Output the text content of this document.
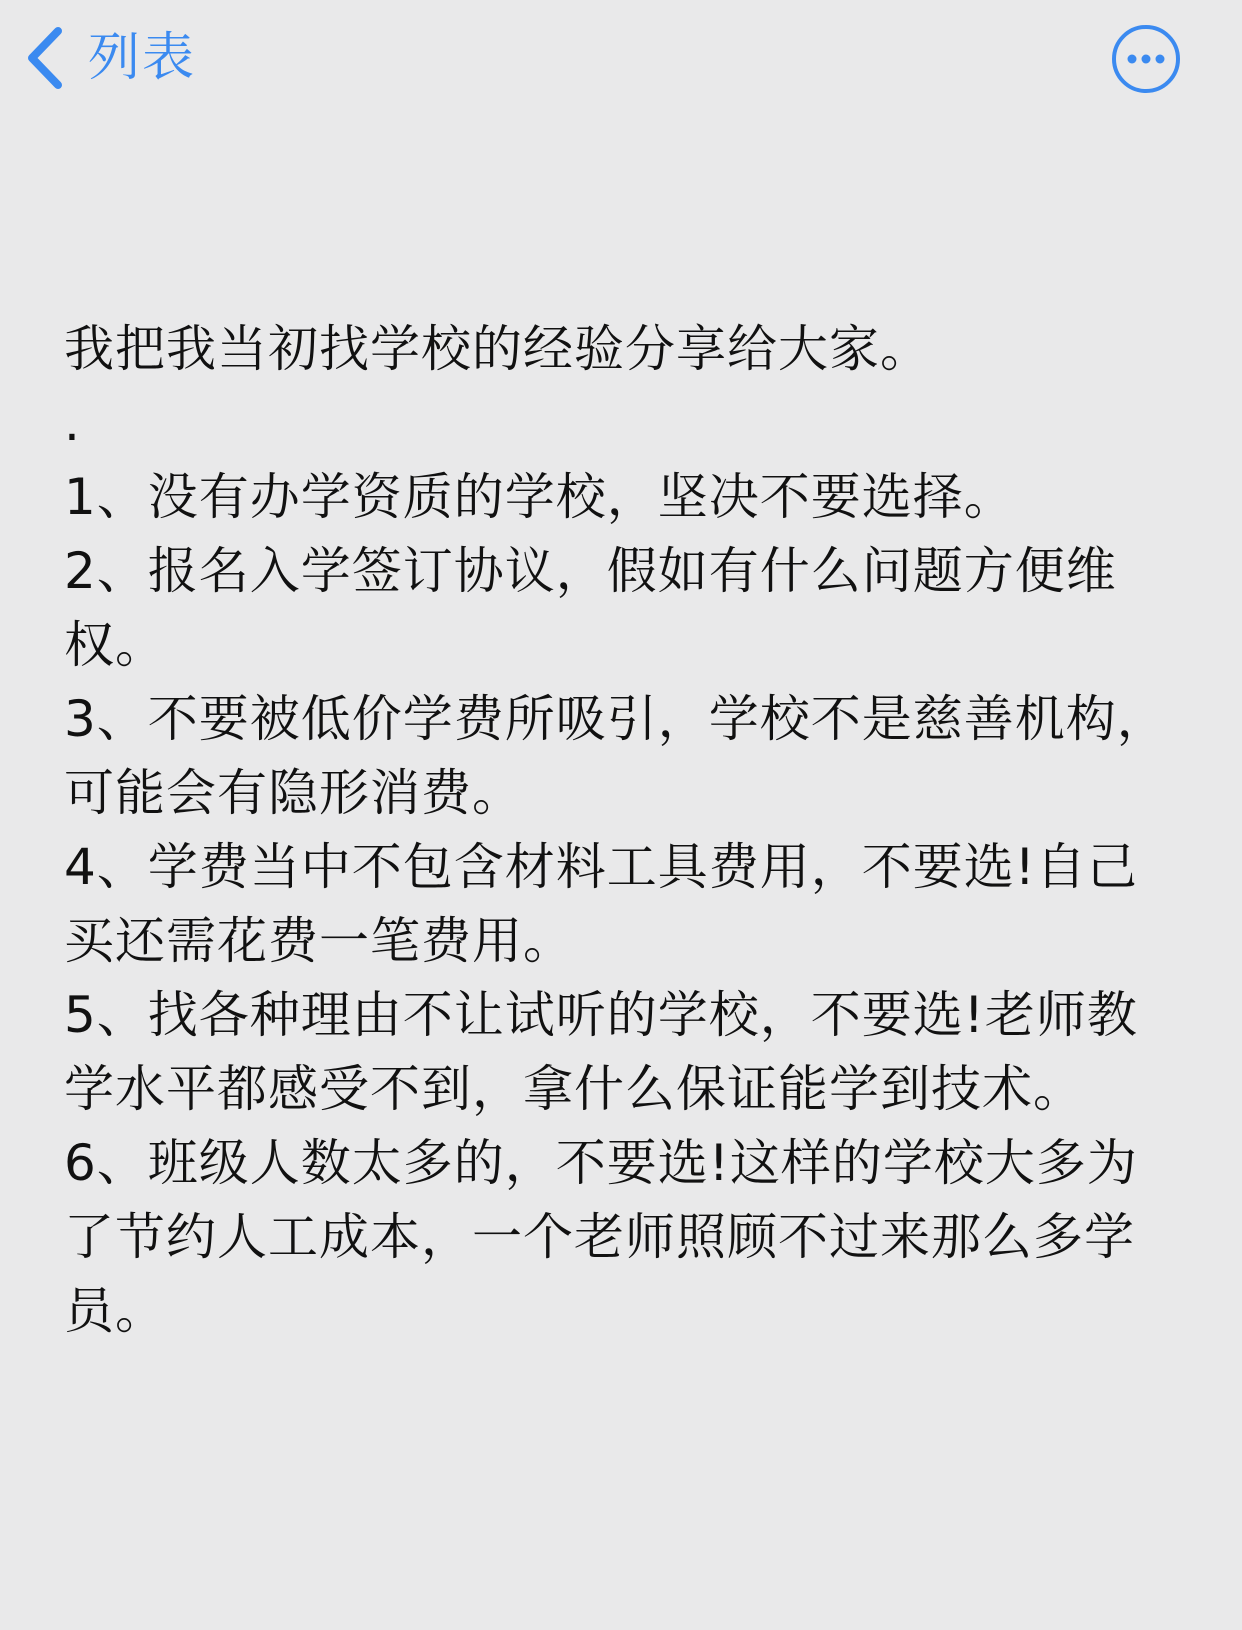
列表

我把我当初找学校的经验分享给大家。

.

1、没有办学资质的学校，坚决不要选择。

2、报名入学签订协议，假如有什么问题方便维权。

3、不要被低价学费所吸引，学校不是慈善机构，可能会有隐形消费。

4、学费当中不包含材料工具费用，不要选!自己买还需花费一笔费用。

5、找各种理由不让试听的学校，不要选!老师教学水平都感受不到，拿什么保证能学到技术。

6、班级人数太多的，不要选!这样的学校大多为了节约人工成本，一个老师照顾不过来那么多学员。
